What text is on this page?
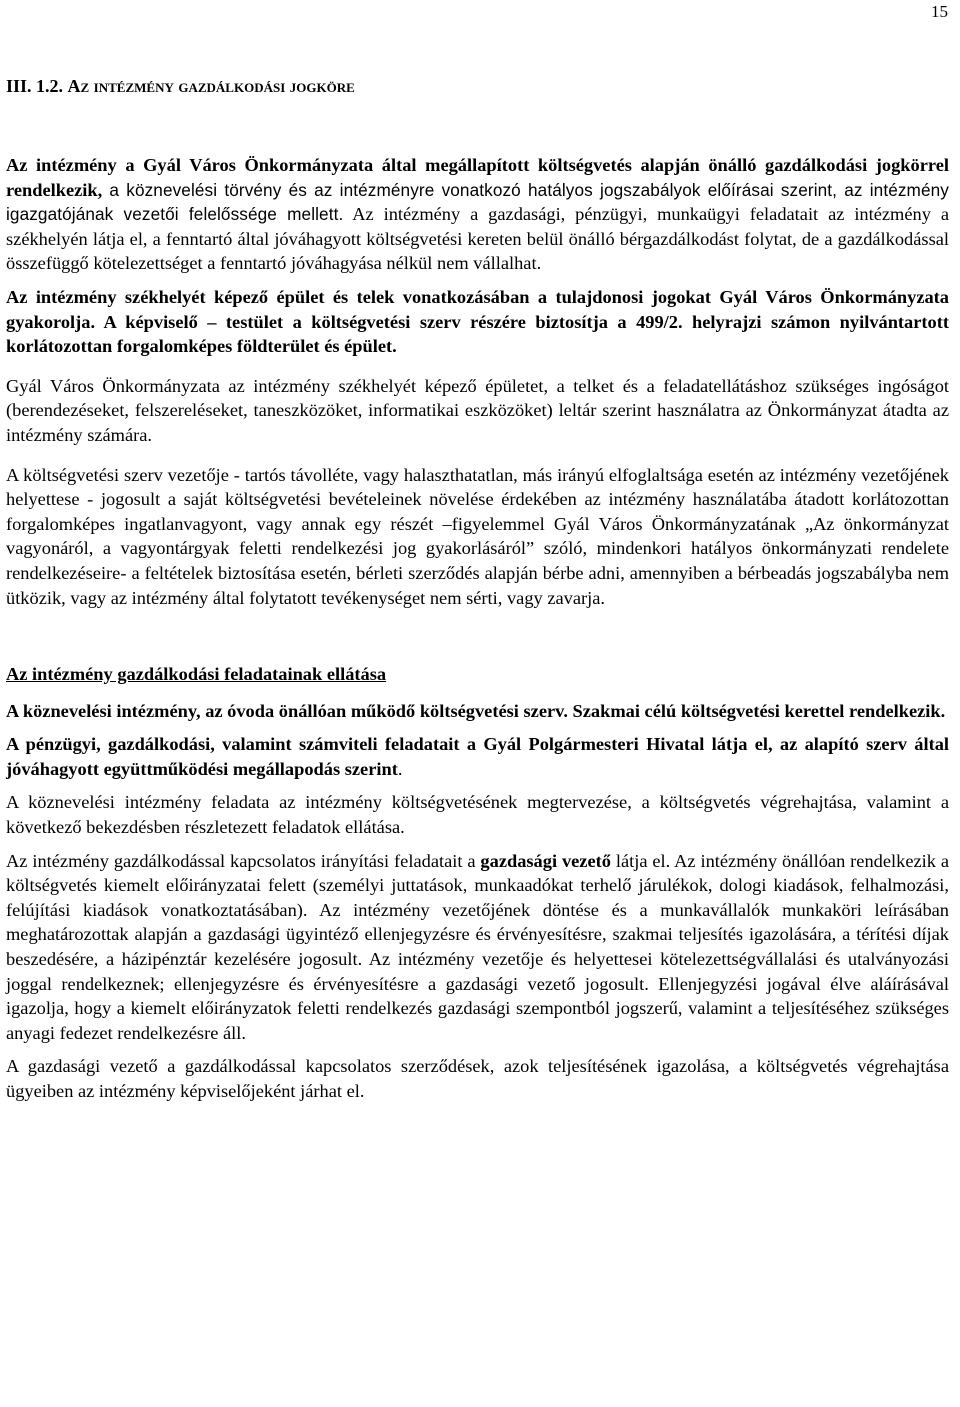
15
III. 1.2. Az intézmény gazdálkodási jogköre

Az intézmény a Gyál Város Önkormányzata által megállapított költségvetés alapján önálló gazdálkodási jogkörrel rendelkezik, a köznevelési törvény és az intézményre vonatkozó hatályos jogszabályok előírásai szerint, az intézmény igazgatójának vezetői felelőssége mellett. Az intézmény a gazdasági, pénzügyi, munkaügyi feladatait az intézmény a székhelyén látja el, a fenntartó által jóváhagyott költségvetési kereten belül önálló bérgazdálkodást folytat, de a gazdálkodással összefüggő kötelezettséget a fenntartó jóváhagyása nélkül nem vállalhat.

Az intézmény székhelyét képező épület és telek vonatkozásában a tulajdonosi jogokat Gyál Város Önkormányzata gyakorolja. A képviselő – testület a költségvetési szerv részére biztosítja a 499/2. helyrajzi számon nyilvántartott korlátozottan forgalomképes földterület és épület.

Gyál Város Önkormányzata az intézmény székhelyét képező épületet, a telket és a feladatellátáshoz szükséges ingóságot (berendezéseket, felszereléseket, taneszközöket, informatikai eszközöket) leltár szerint használatra az Önkormányzat átadta az intézmény számára.

A költségvetési szerv vezetője - tartós távolléte, vagy halaszthatatlan, más irányú elfoglaltsága esetén az intézmény vezetőjének helyettese - jogosult a saját költségvetési bevételeinek növelése érdekében az intézmény használatába átadott korlátozottan forgalomképes ingatlanvagyont, vagy annak egy részét –figyelemmel Gyál Város Önkormányzatának „Az önkormányzat vagyonáról, a vagyontárgyak feletti rendelkezési jog gyakorlásáról” szóló, mindenkori hatályos önkormányzati rendelete rendelkezéseire- a feltételek biztosítása esetén, bérleti szerződés alapján bérbe adni, amennyiben a bérbeadás jogszabályba nem ütközik, vagy az intézmény által folytatott tevékenységet nem sérti, vagy zavarja.

Az intézmény gazdálkodási feladatainak ellátása

A köznevelési intézmény, az óvoda önállóan működő költségvetési szerv. Szakmai célú költségvetési kerettel rendelkezik.

A pénzügyi, gazdálkodási, valamint számviteli feladatait a Gyál Polgármesteri Hivatal látja el, az alapító szerv által jóváhagyott együttműködési megállapodás szerint.

A köznevelési intézmény feladata az intézmény költségvetésének megtervezése, a költségvetés végrehajtása, valamint a következő bekezdésben részletezett feladatok ellátása.

Az intézmény gazdálkodással kapcsolatos irányítási feladatait a gazdasági vezető látja el. Az intézmény önállóan rendelkezik a költségvetés kiemelt előirányzatai felett (személyi juttatások, munkaadókat terhelő járulékok, dologi kiadások, felhalmozási, felújítási kiadások vonatkoztatásában). Az intézmény vezetőjének döntése és a munkavállalók munkaköri leírásában meghatározottak alapján a gazdasági ügyintéző ellenjegyzésre és érvényesítésre, szakmai teljesítés igazolására, a térítési díjak beszedésére, a házipénztár kezelésére jogosult. Az intézmény vezetője és helyettesei kötelezettségvállalási és utalványozási joggal rendelkeznek; ellenjegyzésre és érvényesítésre a gazdasági vezető jogosult. Ellenjegyzési jogával élve aláírásával igazolja, hogy a kiemelt előirányzatok feletti rendelkezés gazdasági szempontból jogszerű, valamint a teljesítéséhez szükséges anyagi fedezet rendelkezésre áll.

A gazdasági vezető a gazdálkodással kapcsolatos szerződések, azok teljesítésének igazolása, a költségvetés végrehajtása ügyeiben az intézmény képviselőjeként járhat el.
